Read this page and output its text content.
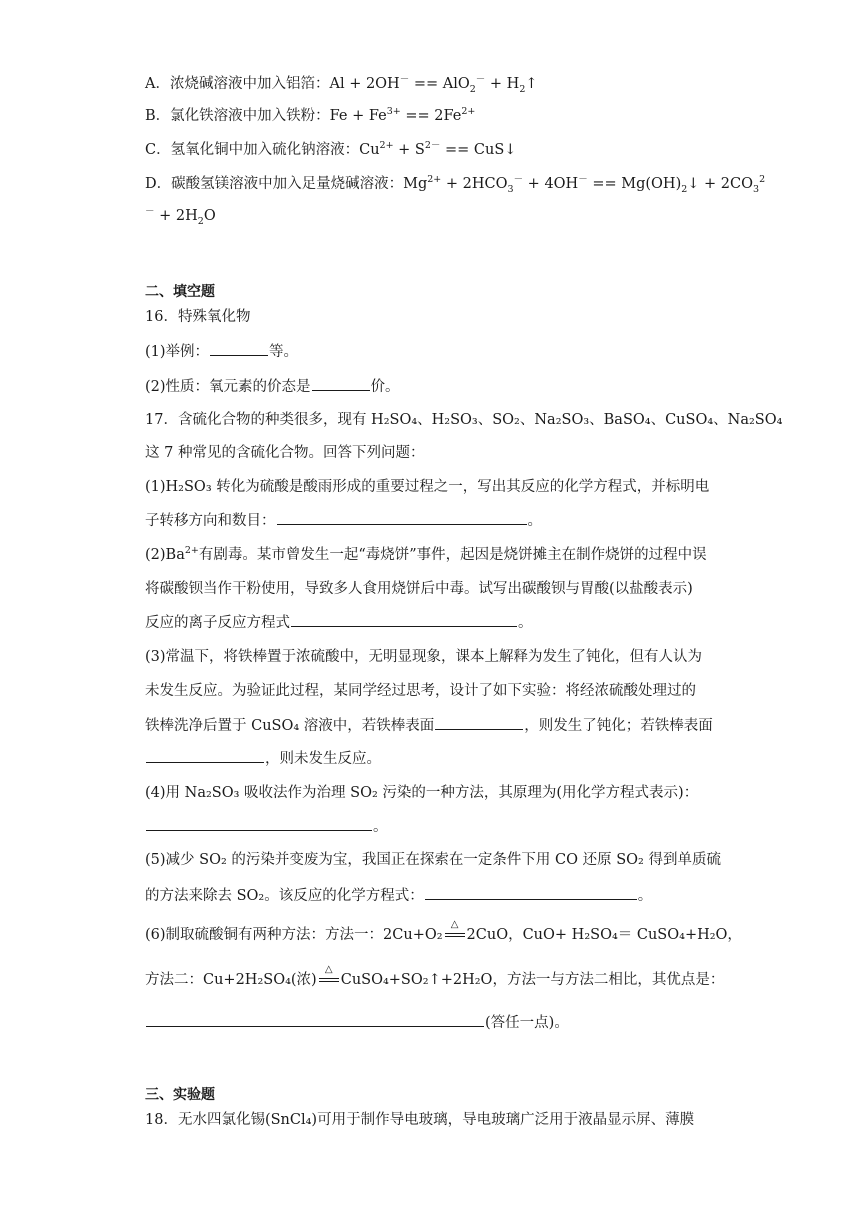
A．浓烧碱溶液中加入铝箔：$Al + 2OH^- == AlO_2^- + H_2↑$
B．氯化铁溶液中加入铁粉：$Fe + Fe^{3+} == 2Fe^{2+}$
C．氢氧化铜中加入硫化钠溶液：$Cu^{2+} + S^{2-}$ == CuS↓
D．碳酸氢镁溶液中加入足量烧碱溶液：$Mg^{2+} + 2HCO_3^- + 4OH^-$ == $Mg(OH)_2↓ + 2CO_3^2$
$^- + 2H_2O$
二、填空题
16．特殊氧化物
(1)举例：	等。
(2)性质：氧元素的价态是	价。
17．含硫化合物的种类很多，现有 H₂SO₄、H₂SO₃、SO₂、Na₂SO₃、BaSO₄、CuSO₄、Na₂SO₄
这 7 种常见的含硫化合物。回答下列问题：
(1)H₂SO₃ 转化为硫酸是酸雨形成的重要过程之一，写出其反应的化学方程式，并标明电
子转移方向和数目：	。
$(2)Ba^{2+}$有剧毒。某市曾发生一起“毒烧饼”事件，起因是烧饼摊主在制作烧饼的过程中误
将碳酸钡当作干粉使用，导致多人食用烧饼后中毒。试写出碳酸钡与胃酸(以盐酸表示)
反应的离子反应方程式	。
(3)常温下，将铁棒置于浓硫酸中，无明显现象，课本上解释为发生了钝化，但有人认为
未发生反应。为验证此过程，某同学经过思考，设计了如下实验：将经浓硫酸处理过的
铁棒洗净后置于 CuSO₄ 溶液中，若铁棒表面	，则发生了钝化；若铁棒表面
，则未发生反应。
(4)用 Na₂SO₃ 吸收法作为治理 SO₂ 污染的一种方法，其原理为(用化学方程式表示)：
。
(5)减少 SO₂ 的污染并变废为宝，我国正在探索在一定条件下用 CO 还原 SO₂ 得到单质硫
的方法来除去 SO₂。该反应的化学方程式：	。
(6)制取硫酸铜有两种方法：方法一：2Cu+O₂
△
2CuO，CuO+ H₂SO₄＝ CuSO₄+H₂O，
方法二：Cu+2H₂SO₄(浓)
△
CuSO₄+SO₂↑+2H₂O，方法一与方法二相比，其优点是：
(答任一点)。
三、实验题
18．无水四氯化锡(SnCl₄)可用于制作导电玻璃，导电玻璃广泛用于液晶显示屏、薄膜
